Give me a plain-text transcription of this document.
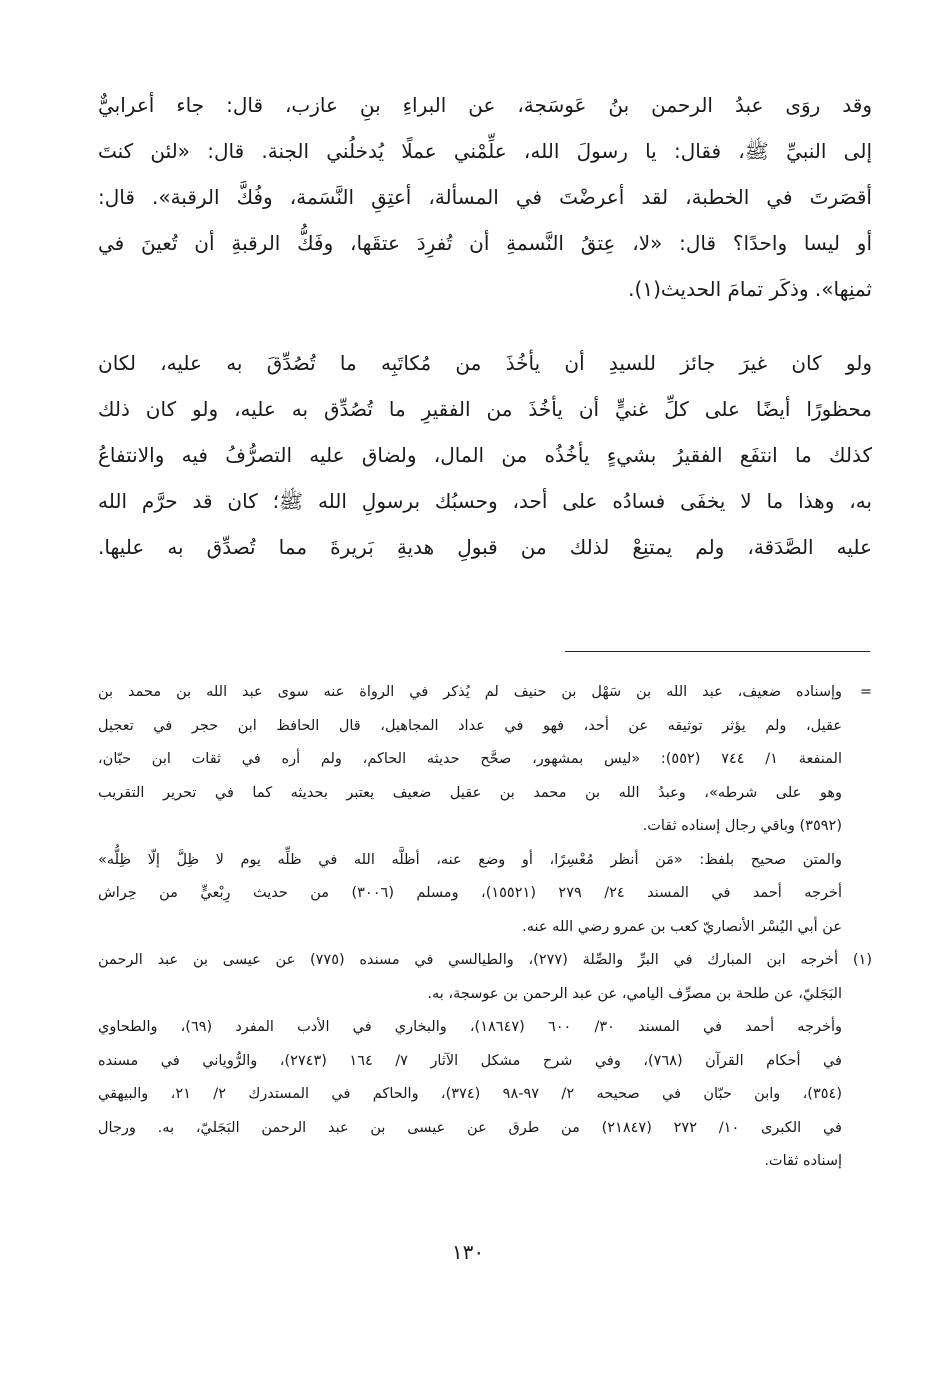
وقد روَى عبدُ الرحمن بنُ عَوسَجة، عن البراءِ بنِ عازب، قال: جاء أعرابيٌّ
إلى النبيِّ ﷺ، فقال: يا رسولَ الله، علِّمْني عملًا يُدخلُني الجنة. قال: «لئن كنتَ
أقصَرتَ في الخطبة، لقد أعرضْتَ في المسألة، أعتِقِ النَّسَمة، وفُكَّ الرقبة». قال:
أو ليسا واحدًا؟ قال: «لا، عِتقُ النَّسمةِ أن تُفرِدَ عتقَها، وفَكُّ الرقبةِ أن تُعينَ في
ثمنِها». وذكَر تمامَ الحديث(١).
ولو كان غيرَ جائز للسيدِ أن يأخُذَ من مُكاتَبِه ما تُصُدِّقَ به عليه، لكان
محظورًا أيضًا على كلِّ غنيٍّ أن يأخُذَ من الفقيرِ ما تُصُدِّق به عليه، ولو كان ذلك
كذلك ما انتفَع الفقيرُ بشيءٍ يأخُذُه من المال، ولضاق عليه التصرُّفُ فيه والانتفاعُ
به، وهذا ما لا يخفَى فسادُه على أحد، وحسبُك برسولِ الله ﷺ؛ كان قد حرَّم الله
عليه الصَّدَقة، ولم يمتنِعْ لذلك من قبولِ هديةِ بَريرةَ مما تُصدِّق به عليها.
=
وإسناده ضعيف، عبد الله بن سَهْل بن حنيف لم يُذكر في الرواة عنه سوى عبد الله بن محمد بن
عقيل، ولم يؤثر توثيقه عن أحد، فهو في عداد المجاهيل، قال الحافظ ابن حجر في تعجيل
المنفعة ١/ ٧٤٤ (٥٥٢): «ليس بمشهور، صحَّح حديثه الحاكم، ولم أره في ثقات ابن حبّان،
وهو على شرطه»، وعبدُ الله بن محمد بن عقيل ضعيف يعتبر بحديثه كما في تحرير التقريب
(٣٥٩٢) وباقي رجال إسناده ثقات.
والمتن صحيح بلفظ: «مَن أنظر مُعْسِرًا، أو وضع عنه، أظلَّه الله في ظلِّه يوم لا ظِلَّ إلّا ظِلُّه»
أخرجه أحمد في المسند ٢٤/ ٢٧٩ (١٥٥٢١)، ومسلم (٣٠٠٦) من حديث رِبْعيٍّ من حِراش
عن أبي اليُسْر الأنصاريّ كعب بن عمرو رضي الله عنه.
(١) أخرجه ابن المبارك في البرِّ والصِّلة (٢٧٧)، والطيالسي في مسنده (٧٧٥) عن عيسى بن عبد الرحمن
البَجَليّ، عن طلحة بن مصرِّف اليامي، عن عبد الرحمن بن عوسجة، به.
وأخرجه أحمد في المسند ٣٠/ ٦٠٠ (١٨٦٤٧)، والبخاري في الأدب المفرد (٦٩)، والطحاوي
في أحكام القرآن (٧٦٨)، وفي شرح مشكل الآثار ٧/ ١٦٤ (٢٧٤٣)، والرُّوياني في مسنده
(٣٥٤)، وابن حبّان في صحيحه ٢/ ٩٧-٩٨ (٣٧٤)، والحاكم في المستدرك ٢/ ٢١، والبيهقي
في الكبرى ١٠/ ٢٧٢ (٢١٨٤٧) من طرق عن عيسى بن عبد الرحمن البَجَليّ، به. ورجال
إسناده ثقات.
١٣٠
